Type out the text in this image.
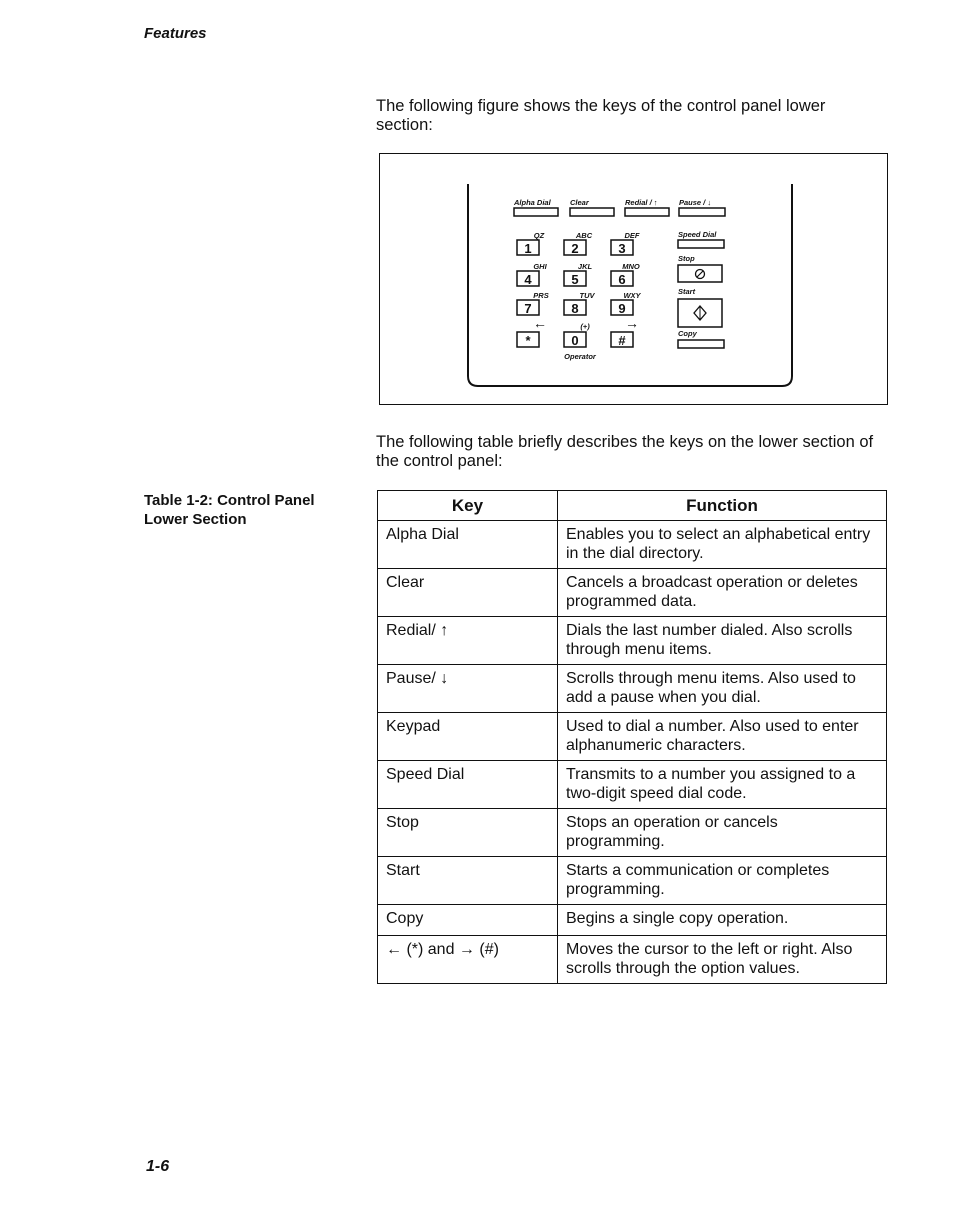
Features
The following figure shows the keys of the control panel lower section:
Alpha Dial	Clear	Redial / ↑	Pause / ↓
QZ
1
ABC
2
DEF
3
GHI
4
JKL
5
MNO
6
PRS
7
TUV
8
WXY
9
←
*
(+)
0
→
#
Operator
Speed Dial
Stop
Start
Copy
The following table briefly describes the keys on the lower section of the control panel:
Table 1-2: Control Panel Lower Section
Key	Function
Alpha Dial	Enables you to select an alphabetical entry in the dial directory.
Clear	Cancels a broadcast operation or deletes programmed data.
Redial/ ↑	Dials the last number dialed. Also scrolls through menu items.
Pause/ ↓	Scrolls through menu items. Also used to add a pause when you dial.
Keypad	Used to dial a number. Also used to enter alphanumeric characters.
Speed Dial	Transmits to a number you assigned to a two-digit speed dial code.
Stop	Stops an operation or cancels programming.
Start	Starts a communication or completes programming.
Copy	Begins a single copy operation.
← (*) and → (#)	Moves the cursor to the left or right. Also scrolls through the option values.
1-6
